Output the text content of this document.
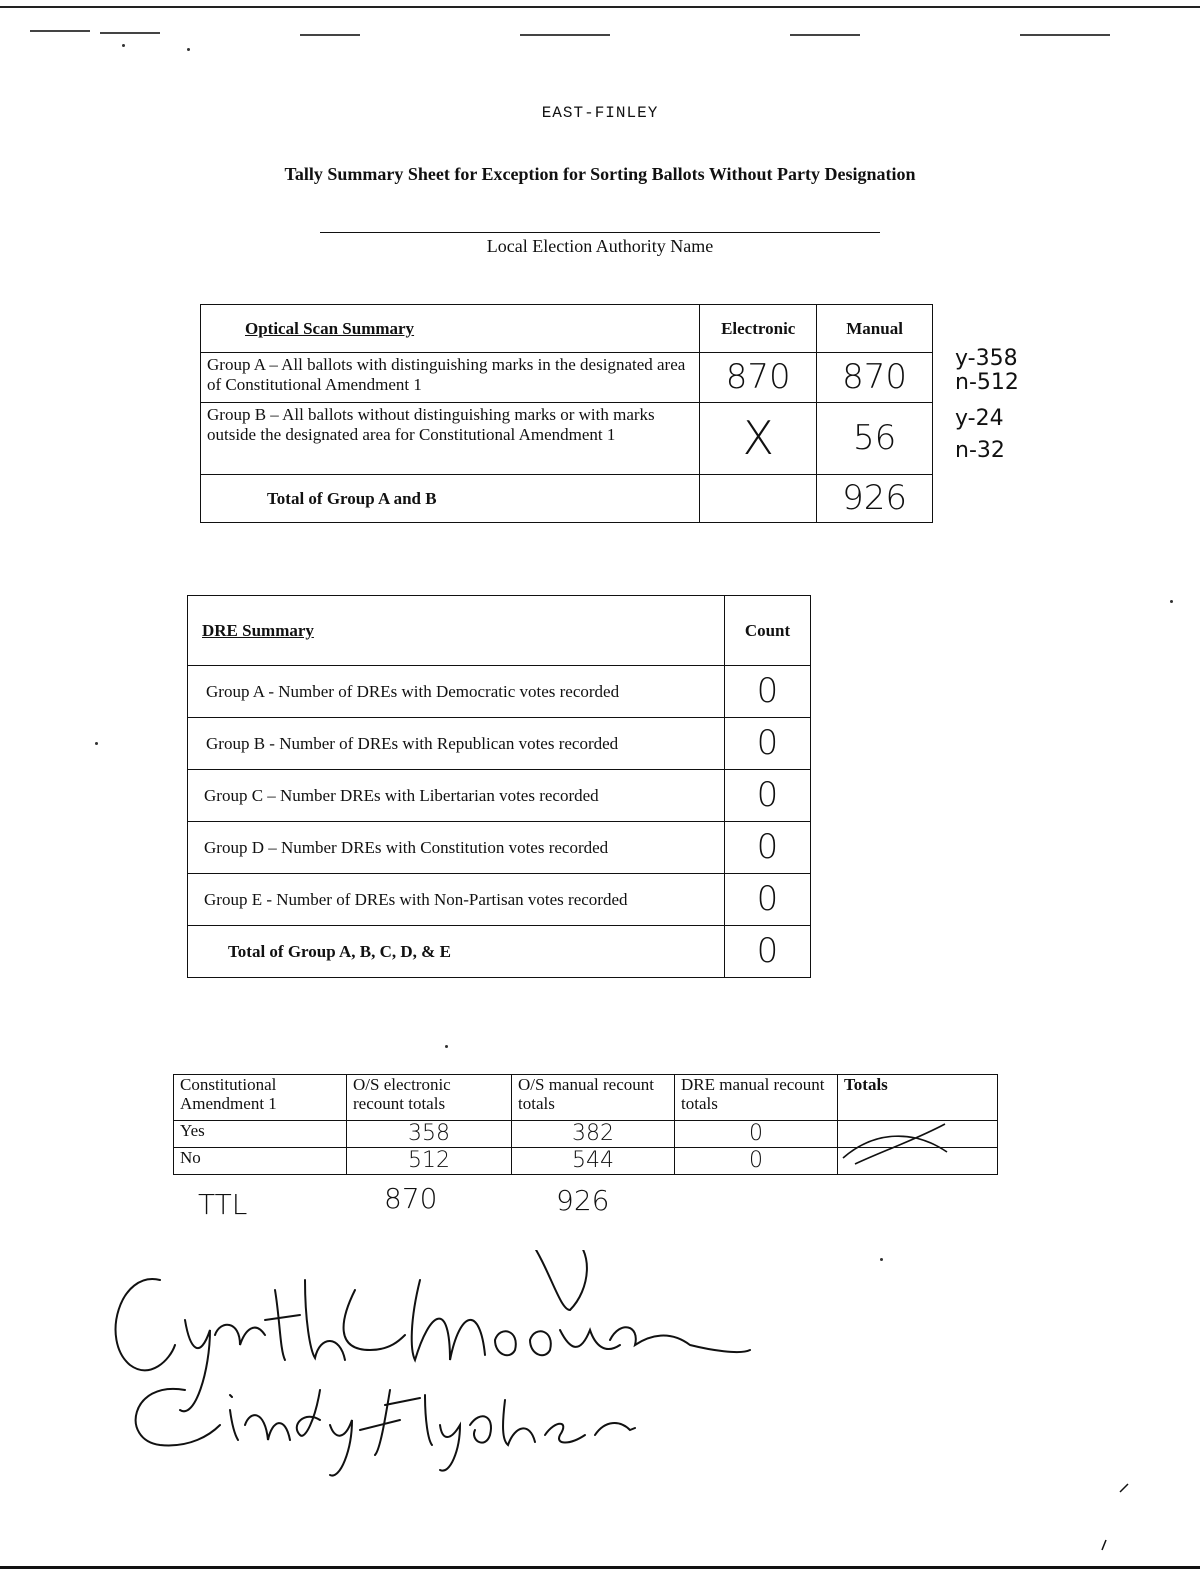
EAST-FINLEY
Tally Summary Sheet for Exception for Sorting Ballots Without Party Designation
Local Election Authority Name
Optical Scan Summary	Electronic	Manual
Group A – All ballots with distinguishing marks in the designated area of Constitutional Amendment 1	870	870
Group B – All ballots without distinguishing marks or with marks outside the designated area for Constitutional Amendment 1	X	56
Total of Group A and B		926
y-358
n-512
y-24
n-32
DRE Summary	Count
Group A - Number of DREs with Democratic votes recorded	0
Group B - Number of DREs with Republican votes recorded	0
Group C – Number DREs with Libertarian votes recorded	0
Group D – Number DREs with Constitution votes recorded	0
Group E - Number of DREs with Non-Partisan votes recorded	0
Total of Group A, B, C, D, & E	0
Constitutional Amendment 1	O/S electronic recount totals	O/S manual recount totals	DRE manual recount totals	Totals
Yes	358	382	0	
No	512	544	0	
TTL	870	926
